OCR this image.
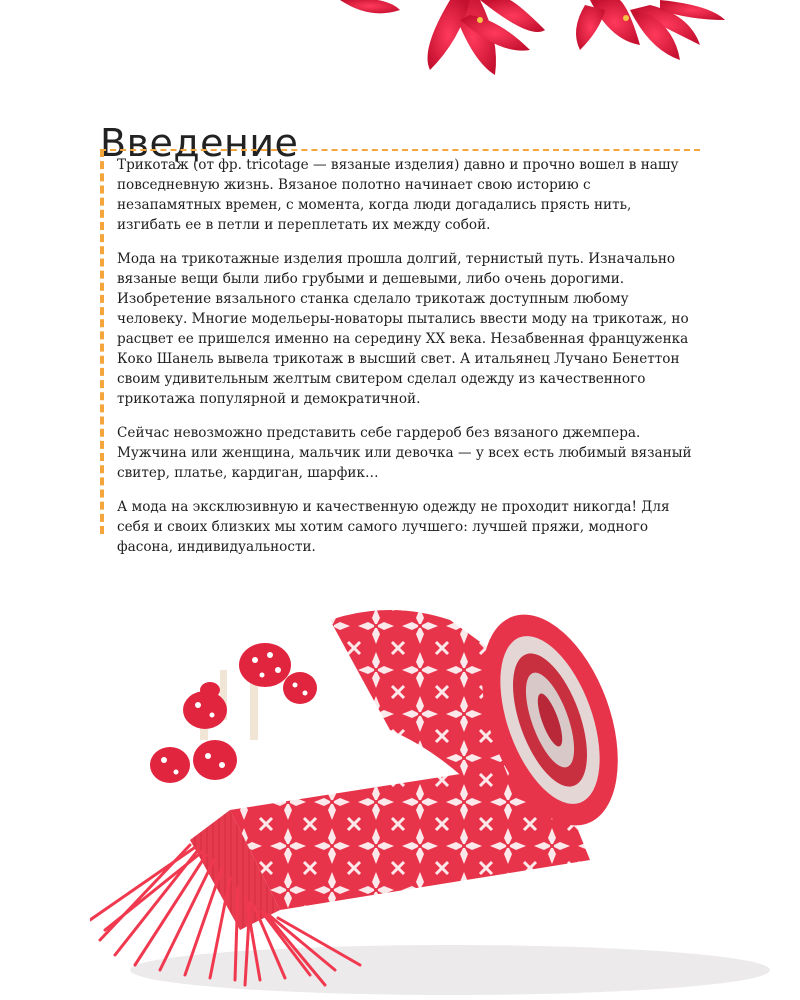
Введение

Трикотаж (от фр. tricotage — вязаные изделия) давно и прочно вошел в нашу повседневную жизнь. Вязаное полотно начинает свою историю с незапамятных времен, с момента, когда люди догадались прясть нить, изгибать ее в петли и переплетать их между собой.

Мода на трикотажные изделия прошла долгий, тернистый путь. Изначально вязаные вещи были либо грубыми и дешевыми, либо очень дорогими. Изобретение вязального станка сделало трикотаж доступным любому человеку. Многие модельеры-новаторы пытались ввести моду на трикотаж, но расцвет ее пришелся именно на середину XX века. Незабвенная француженка Коко Шанель вывела трикотаж в высший свет. А итальянец Лучано Бенеттон своим удивительным желтым свитером сделал одежду из качественного трикотажа популярной и демократичной.

Сейчас невозможно представить себе гардероб без вязаного джемпера. Мужчина или женщина, мальчик или девочка — у всех есть любимый вязаный свитер, платье, кардиган, шарфик…

А мода на эксклюзивную и качественную одежду не проходит никогда! Для себя и своих близких мы хотим самого лучшего: лучшей пряжи, модного фасона, индивидуальности.
